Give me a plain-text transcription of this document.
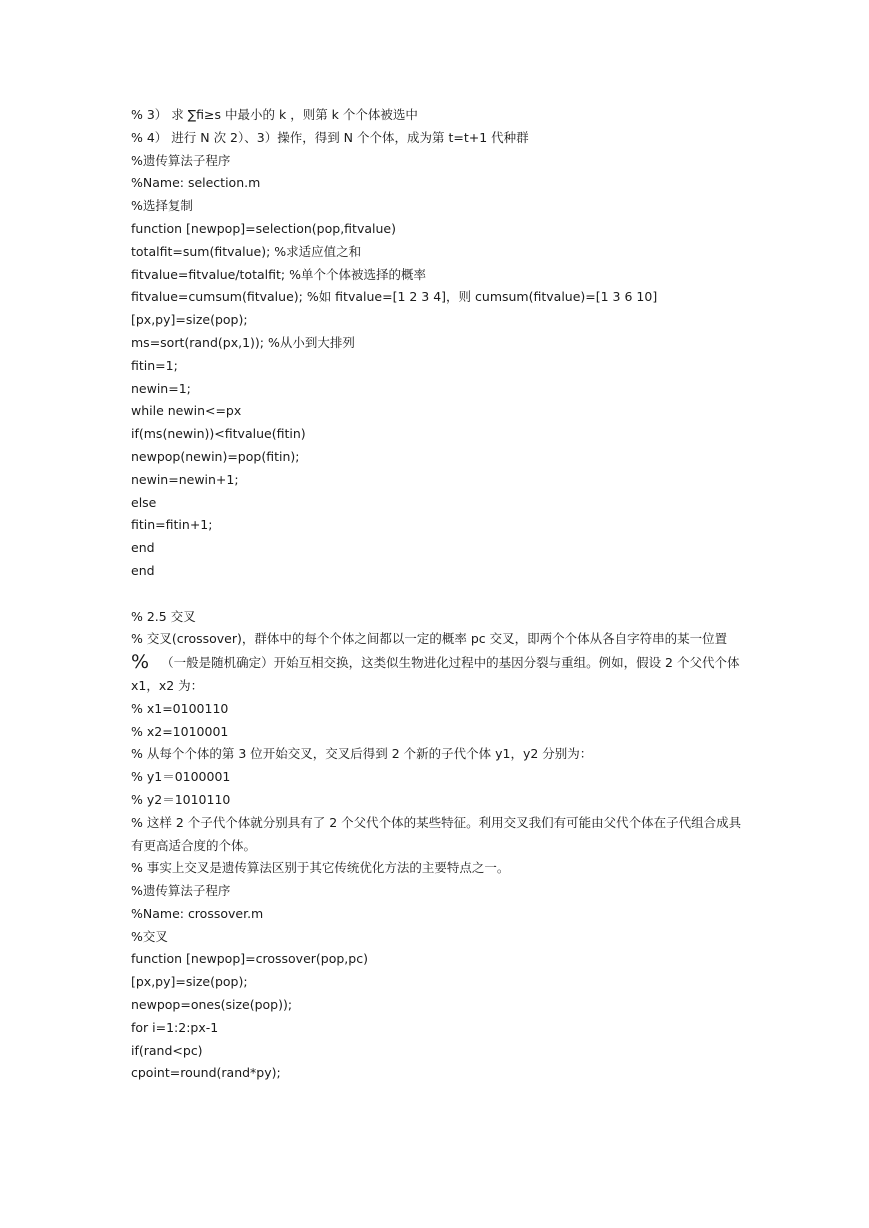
% 3） 求 ∑fi≥s 中最小的 k ，则第 k 个个体被选中
% 4） 进行 N 次 2）、3）操作，得到 N 个个体，成为第 t=t+1 代种群
%遗传算法子程序
%Name: selection.m
%选择复制
function [newpop]=selection(pop,fitvalue)
totalfit=sum(fitvalue); %求适应值之和
fitvalue=fitvalue/totalfit; %单个个体被选择的概率
fitvalue=cumsum(fitvalue); %如 fitvalue=[1 2 3 4]，则 cumsum(fitvalue)=[1 3 6 10]
[px,py]=size(pop);
ms=sort(rand(px,1)); %从小到大排列
fitin=1;
newin=1;
while newin<=px
if(ms(newin))<fitvalue(fitin)
newpop(newin)=pop(fitin);
newin=newin+1;
else
fitin=fitin+1;
end
end
% 2.5 交叉
% 交叉(crossover)，群体中的每个个体之间都以一定的概率 pc 交叉，即两个个体从各自字符串的某一位置
% （一般是随机确定）开始互相交换，这类似生物进化过程中的基因分裂与重组。例如，假设 2 个父代个体 x1，x2 为：
% x1=0100110
% x2=1010001
% 从每个个体的第 3 位开始交叉，交叉后得到 2 个新的子代个体 y1，y2 分别为：
% y1＝0100001
% y2＝1010110
% 这样 2 个子代个体就分别具有了 2 个父代个体的某些特征。利用交叉我们有可能由父代个体在子代组合成具有更高适合度的个体。
% 事实上交叉是遗传算法区别于其它传统优化方法的主要特点之一。
%遗传算法子程序
%Name: crossover.m
%交叉
function [newpop]=crossover(pop,pc)
[px,py]=size(pop);
newpop=ones(size(pop));
for i=1:2:px-1
if(rand<pc)
cpoint=round(rand*py);
